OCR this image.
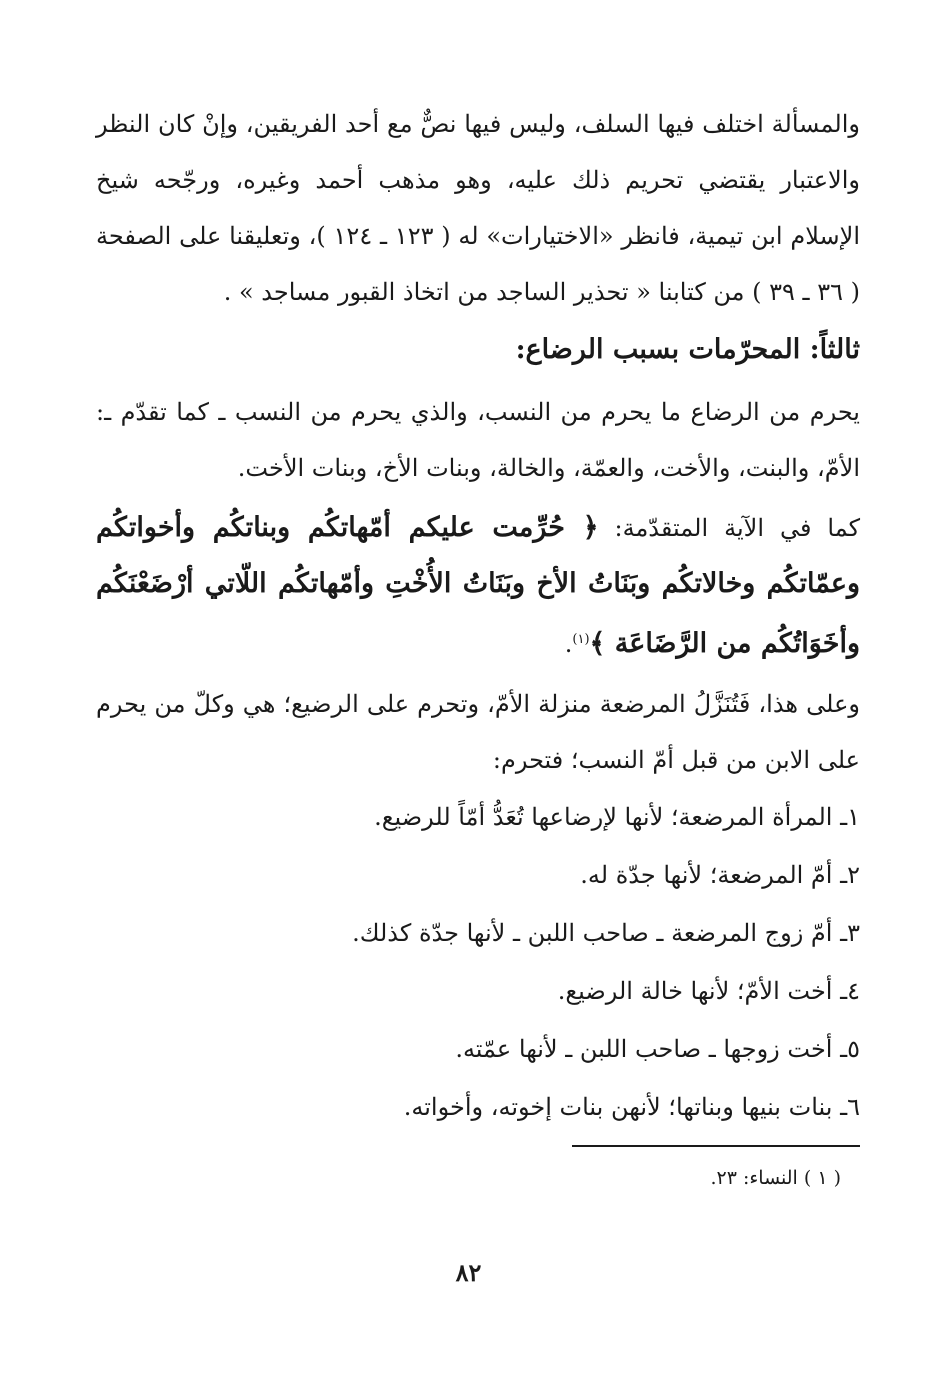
والمسألة اختلف فيها السلف، وليس فيها نصٌّ مع أحد الفريقين، وإنْ كان النظر والاعتبار يقتضي تحريم ذلك عليه، وهو مذهب أحمد وغيره، ورجّحه شيخ الإسلام ابن تيمية، فانظر «الاختيارات» له ( ١٢٣ ـ ١٢٤ )، وتعليقنا على الصفحة ( ٣٦ ـ ٣٩ ) من كتابنا « تحذير الساجد من اتخاذ القبور مساجد » .

ثالثاً: المحرّمات بسبب الرضاع:

يحرم من الرضاع ما يحرم من النسب، والذي يحرم من النسب ـ كما تقدّم ـ: الأمّ، والبنت، والأخت، والعمّة، والخالة، وبنات الأخ، وبنات الأخت.

كما في الآية المتقدّمة: ﴿ حُرِّمت عليكم أمّهاتكُم وبناتكُم وأخواتكُم وعمّاتكُم وخالاتكُم وبَنَاتُ الأخ وبَنَاتُ الأُخْتِ وأمّهاتكُم اللّاتي أرْضَعْنَكُم وأخَوَاتُكُم من الرَّضَاعَة ﴾$^{(١)}$.

وعلى هذا، فَتُنَزَّلُ المرضعة منزلة الأمّ، وتحرم على الرضيع؛ هي وكلّ من يحرم على الابن من قبل أمّ النسب؛ فتحرم:

١ـ المرأة المرضعة؛ لأنها لإرضاعها تُعَدُّ أمّاً للرضيع.
٢ـ أمّ المرضعة؛ لأنها جدّة له.
٣ـ أمّ زوج المرضعة ـ صاحب اللبن ـ لأنها جدّة كذلك.
٤ـ أخت الأمّ؛ لأنها خالة الرضيع.
٥ـ أخت زوجها ـ صاحب اللبن ـ لأنها عمّته.
٦ـ بنات بنيها وبناتها؛ لأنهن بنات إخوته، وأخواته.
( ١ ) النساء: ٢٣.
٨٢
